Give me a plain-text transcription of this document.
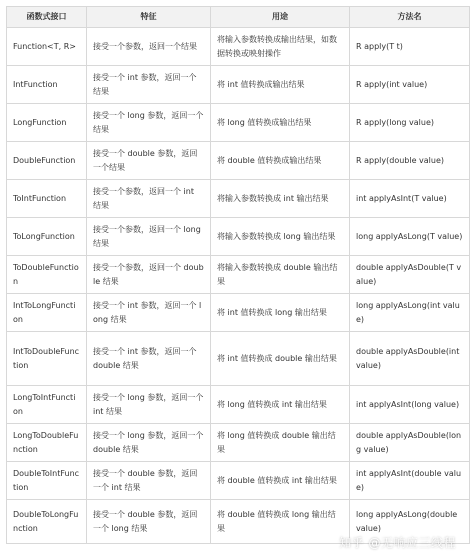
函数式接口	特征	用途	方法名
Function<T, R>	接受一个参数，返回一个结果	将输入参数转换成输出结果，如数据转换或映射操作	R apply(T t)
IntFunction	接受一个 int 参数，返回一个结果	将 int 值转换成输出结果	R apply(int value)
LongFunction	接受一个 long 参数，返回一个结果	将 long 值转换成输出结果	R apply(long value)
DoubleFunction	接受一个 double 参数，返回一个结果	将 double 值转换成输出结果	R apply(double value)
ToIntFunction	接受一个参数，返回一个 int 结果	将输入参数转换成 int 输出结果	int applyAsInt(T value)
ToLongFunction	接受一个参数，返回一个 long 结果	将输入参数转换成 long 输出结果	long applyAsLong(T value)
ToDoubleFunction	接受一个参数，返回一个 double 结果	将输入参数转换成 double 输出结果	double applyAsDouble(T value)
IntToLongFunction	接受一个 int 参数，返回一个 long 结果	将 int 值转换成 long 输出结果	long applyAsLong(int value)
IntToDoubleFunction	接受一个 int 参数，返回一个 double 结果	将 int 值转换成 double 输出结果	double applyAsDouble(int value)
LongToIntFunction	接受一个 long 参数，返回一个 int 结果	将 long 值转换成 int 输出结果	int applyAsInt(long value)
LongToDoubleFunction	接受一个 long 参数，返回一个 double 结果	将 long 值转换成 double 输出结果	double applyAsDouble(long value)
DoubleToIntFunction	接受一个 double 参数，返回一个 int 结果	将 double 值转换成 int 输出结果	int applyAsInt(double value)
DoubleToLongFunction	接受一个 double 参数，返回一个 long 结果	将 double 值转换成 long 输出结果	long applyAsLong(double value)
知乎 @无响应三线程
